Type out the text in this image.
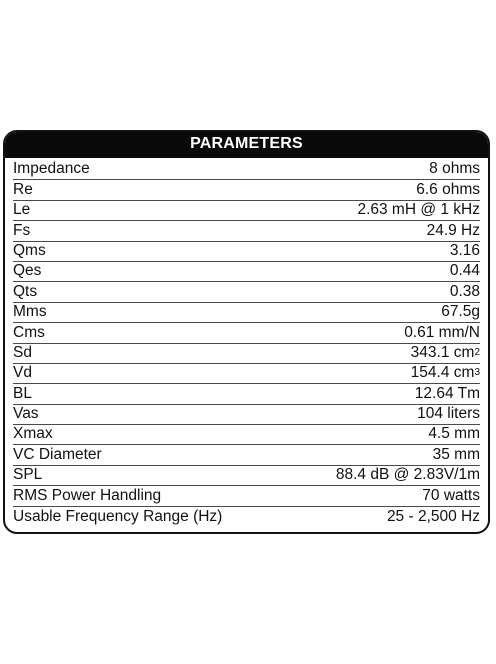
PARAMETERS
Impedance	8 ohms
Re	6.6 ohms
Le	2.63 mH @ 1 kHz
Fs	24.9 Hz
Qms	3.16
Qes	0.44
Qts	0.38
Mms	67.5g
Cms	0.61 mm/N
Sd	343.1 $cm^2$
Vd	154.4 $cm^3$
BL	12.64 Tm
Vas	104 liters
Xmax	4.5 mm
VC Diameter	35 mm
SPL	88.4 dB @ 2.83V/1m
RMS Power Handling	70 watts
Usable Frequency Range (Hz)	25 - 2,500 Hz
